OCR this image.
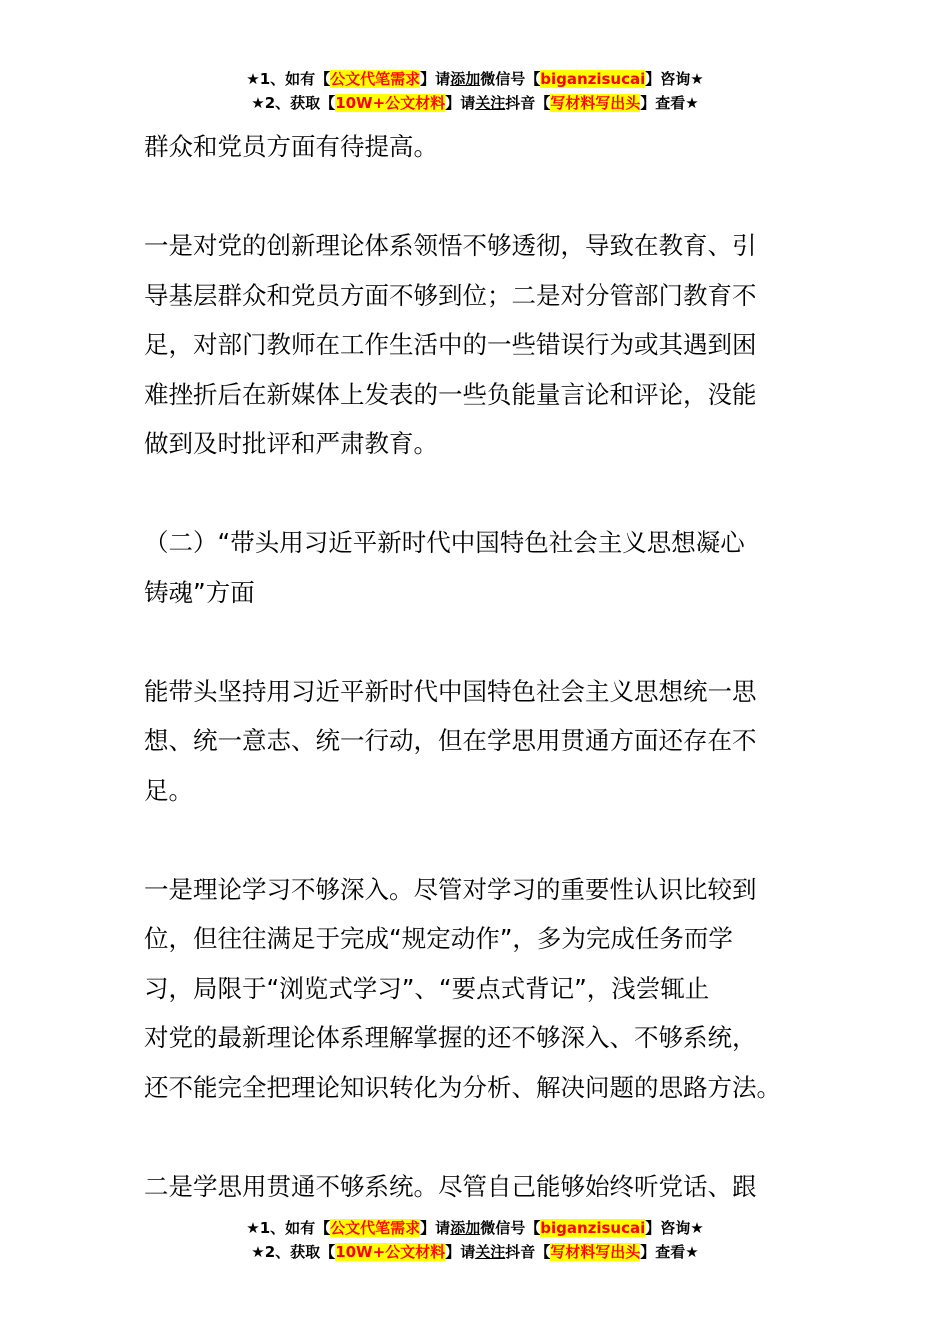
★1、如有【公文代笔需求】请添加微信号【biganzisucai】咨询★
★2、获取【10W+公文材料】请关注抖音【写材料写出头】查看★
群众和党员方面有待提高。

一是对党的创新理论体系领悟不够透彻，导致在教育、引
导基层群众和党员方面不够到位；二是对分管部门教育不
足，对部门教师在工作生活中的一些错误行为或其遇到困
难挫折后在新媒体上发表的一些负能量言论和评论，没能
做到及时批评和严肃教育。

（二）“带头用习近平新时代中国特色社会主义思想凝心
铸魂”方面

能带头坚持用习近平新时代中国特色社会主义思想统一思
想、统一意志、统一行动，但在学思用贯通方面还存在不
足。

一是理论学习不够深入。尽管对学习的重要性认识比较到
位，但往往满足于完成“规定动作”，多为完成任务而学
习，局限于“浏览式学习”、“要点式背记”，浅尝辄止
对党的最新理论体系理解掌握的还不够深入、不够系统，
还不能完全把理论知识转化为分析、解决问题的思路方法。

二是学思用贯通不够系统。尽管自己能够始终听党话、跟
★1、如有【公文代笔需求】请添加微信号【biganzisucai】咨询★
★2、获取【10W+公文材料】请关注抖音【写材料写出头】查看★
